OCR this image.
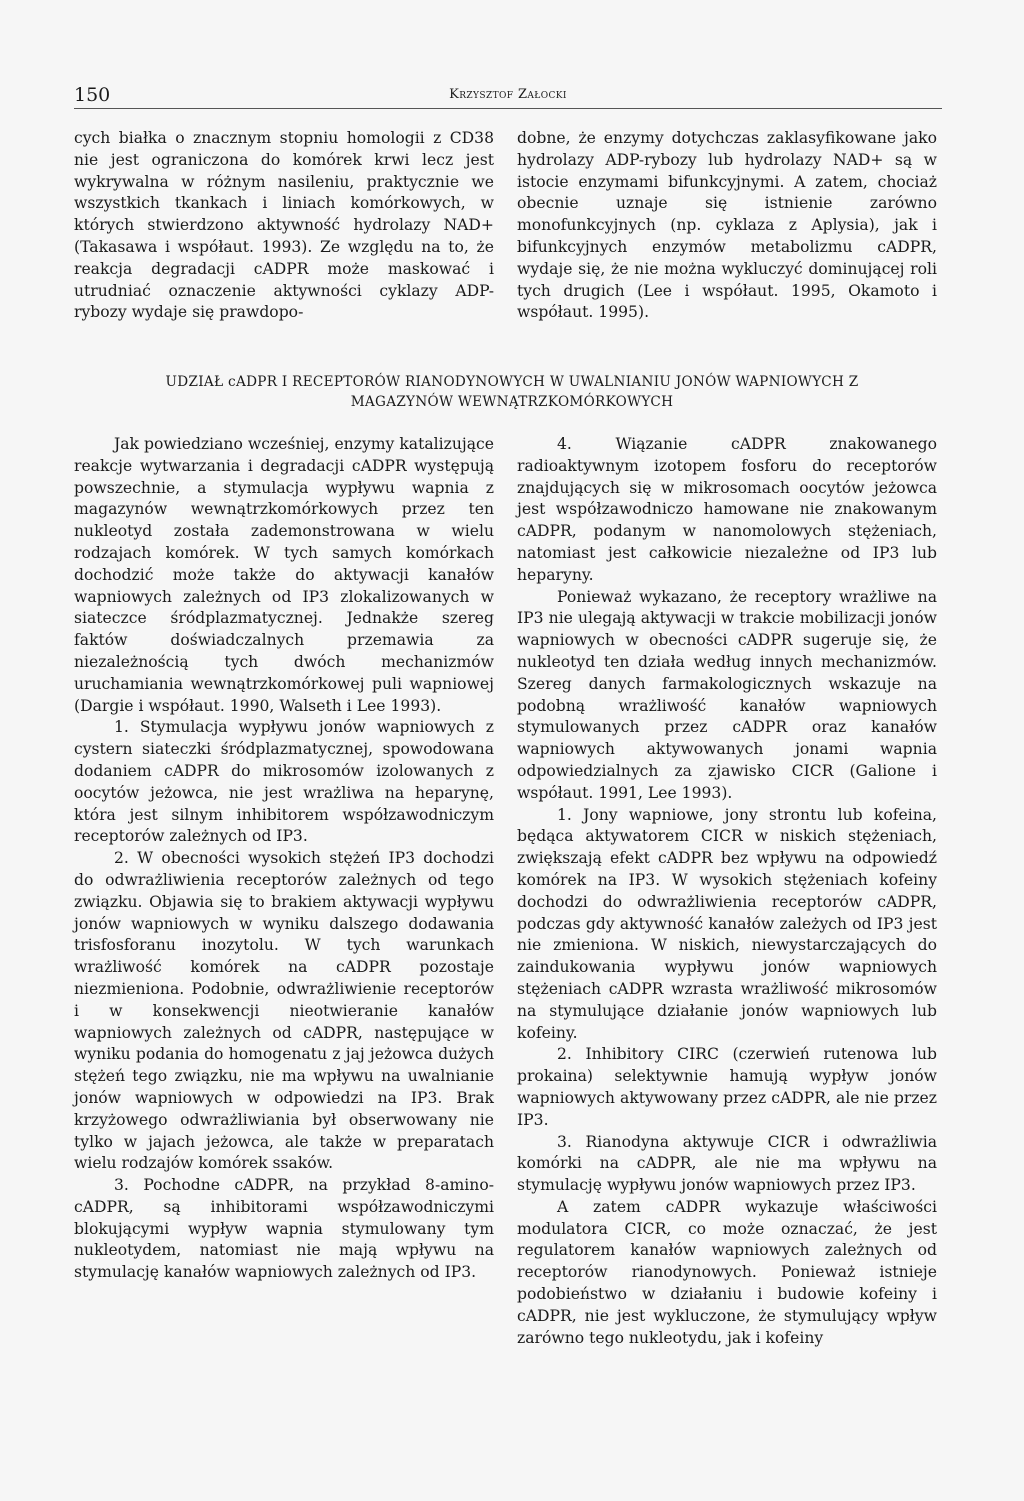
150	Krzysztof Załocki

cych białka o znacznym stopniu homologii z CD38 nie jest ograniczona do komórek krwi lecz jest wykrywalna w różnym nasileniu, praktycznie we wszystkich tkankach i liniach komórkowych, w których stwierdzono aktywność hydrolazy NAD+ (Takasawa i współaut. 1993). Ze względu na to, że reakcja degradacji cADPR może maskować i utrudniać oznaczenie aktywności cyklazy ADP-rybozy wydaje się prawdopo-

dobne, że enzymy dotychczas zaklasyfikowane jako hydrolazy ADP-rybozy lub hydrolazy NAD+ są w istocie enzymami bifunkcyjnymi. A zatem, chociaż obecnie uznaje się istnienie zarówno monofunkcyjnych (np. cyklaza z Aplysia), jak i bifunkcyjnych enzymów metabolizmu cADPR, wydaje się, że nie można wykluczyć dominującej roli tych drugich (Lee i współaut. 1995, Okamoto i współaut. 1995).

UDZIAŁ cADPR I RECEPTORÓW RIANODYNOWYCH W UWALNIANIU JONÓW WAPNIOWYCH Z
MAGAZYNÓW WEWNĄTRZKOMÓRKOWYCH

Jak powiedziano wcześniej, enzymy katalizujące reakcje wytwarzania i degradacji cADPR występują powszechnie, a stymulacja wypływu wapnia z magazynów wewnątrzkomórkowych przez ten nukleotyd została zademonstrowana w wielu rodzajach komórek. W tych samych komórkach dochodzić może także do aktywacji kanałów wapniowych zależnych od IP3 zlokalizowanych w siateczce śródplazmatycznej. Jednakże szereg faktów doświadczalnych przemawia za niezależnością tych dwóch mechanizmów uruchamiania wewnątrzkomórkowej puli wapniowej (Dargie i współaut. 1990, Walseth i Lee 1993).

1. Stymulacja wypływu jonów wapniowych z cystern siateczki śródplazmatycznej, spowodowana dodaniem cADPR do mikrosomów izolowanych z oocytów jeżowca, nie jest wrażliwa na heparynę, która jest silnym inhibitorem współzawodniczym receptorów zależnych od IP3.

2. W obecności wysokich stężeń IP3 dochodzi do odwrażliwienia receptorów zależnych od tego związku. Objawia się to brakiem aktywacji wypływu jonów wapniowych w wyniku dalszego dodawania trisfosforanu inozytolu. W tych warunkach wrażliwość komórek na cADPR pozostaje niezmieniona. Podobnie, odwrażliwienie receptorów i w konsekwencji nieotwieranie kanałów wapniowych zależnych od cADPR, następujące w wyniku podania do homogenatu z jaj jeżowca dużych stężeń tego związku, nie ma wpływu na uwalnianie jonów wapniowych w odpowiedzi na IP3. Brak krzyżowego odwrażliwiania był obserwowany nie tylko w jajach jeżowca, ale także w preparatach wielu rodzajów komórek ssaków.

3. Pochodne cADPR, na przykład 8-amino-cADPR, są inhibitorami współzawodniczymi blokującymi wypływ wapnia stymulowany tym nukleotydem, natomiast nie mają wpływu na stymulację kanałów wapniowych zależnych od IP3.

4. Wiązanie cADPR znakowanego radioaktywnym izotopem fosforu do receptorów znajdujących się w mikrosomach oocytów jeżowca jest współzawodniczo hamowane nie znakowanym cADPR, podanym w nanomolowych stężeniach, natomiast jest całkowicie niezależne od IP3 lub heparyny.

Ponieważ wykazano, że receptory wrażliwe na IP3 nie ulegają aktywacji w trakcie mobilizacji jonów wapniowych w obecności cADPR sugeruje się, że nukleotyd ten działa według innych mechanizmów. Szereg danych farmakologicznych wskazuje na podobną wrażliwość kanałów wapniowych stymulowanych przez cADPR oraz kanałów wapniowych aktywowanych jonami wapnia odpowiedzialnych za zjawisko CICR (Galione i współaut. 1991, Lee 1993).

1. Jony wapniowe, jony strontu lub kofeina, będąca aktywatorem CICR w niskich stężeniach, zwiększają efekt cADPR bez wpływu na odpowiedź komórek na IP3. W wysokich stężeniach kofeiny dochodzi do odwrażliwienia receptorów cADPR, podczas gdy aktywność kanałów zależych od IP3 jest nie zmieniona. W niskich, niewystarczających do zaindukowania wypływu jonów wapniowych stężeniach cADPR wzrasta wrażliwość mikrosomów na stymulujące działanie jonów wapniowych lub kofeiny.

2. Inhibitory CIRC (czerwień rutenowa lub prokaina) selektywnie hamują wypływ jonów wapniowych aktywowany przez cADPR, ale nie przez IP3.

3. Rianodyna aktywuje CICR i odwrażliwia komórki na cADPR, ale nie ma wpływu na stymulację wypływu jonów wapniowych przez IP3.

A zatem cADPR wykazuje właściwości modulatora CICR, co może oznaczać, że jest regulatorem kanałów wapniowych zależnych od receptorów rianodynowych. Ponieważ istnieje podobieństwo w działaniu i budowie kofeiny i cADPR, nie jest wykluczone, że stymulujący wpływ zarówno tego nukleotydu, jak i kofeiny
